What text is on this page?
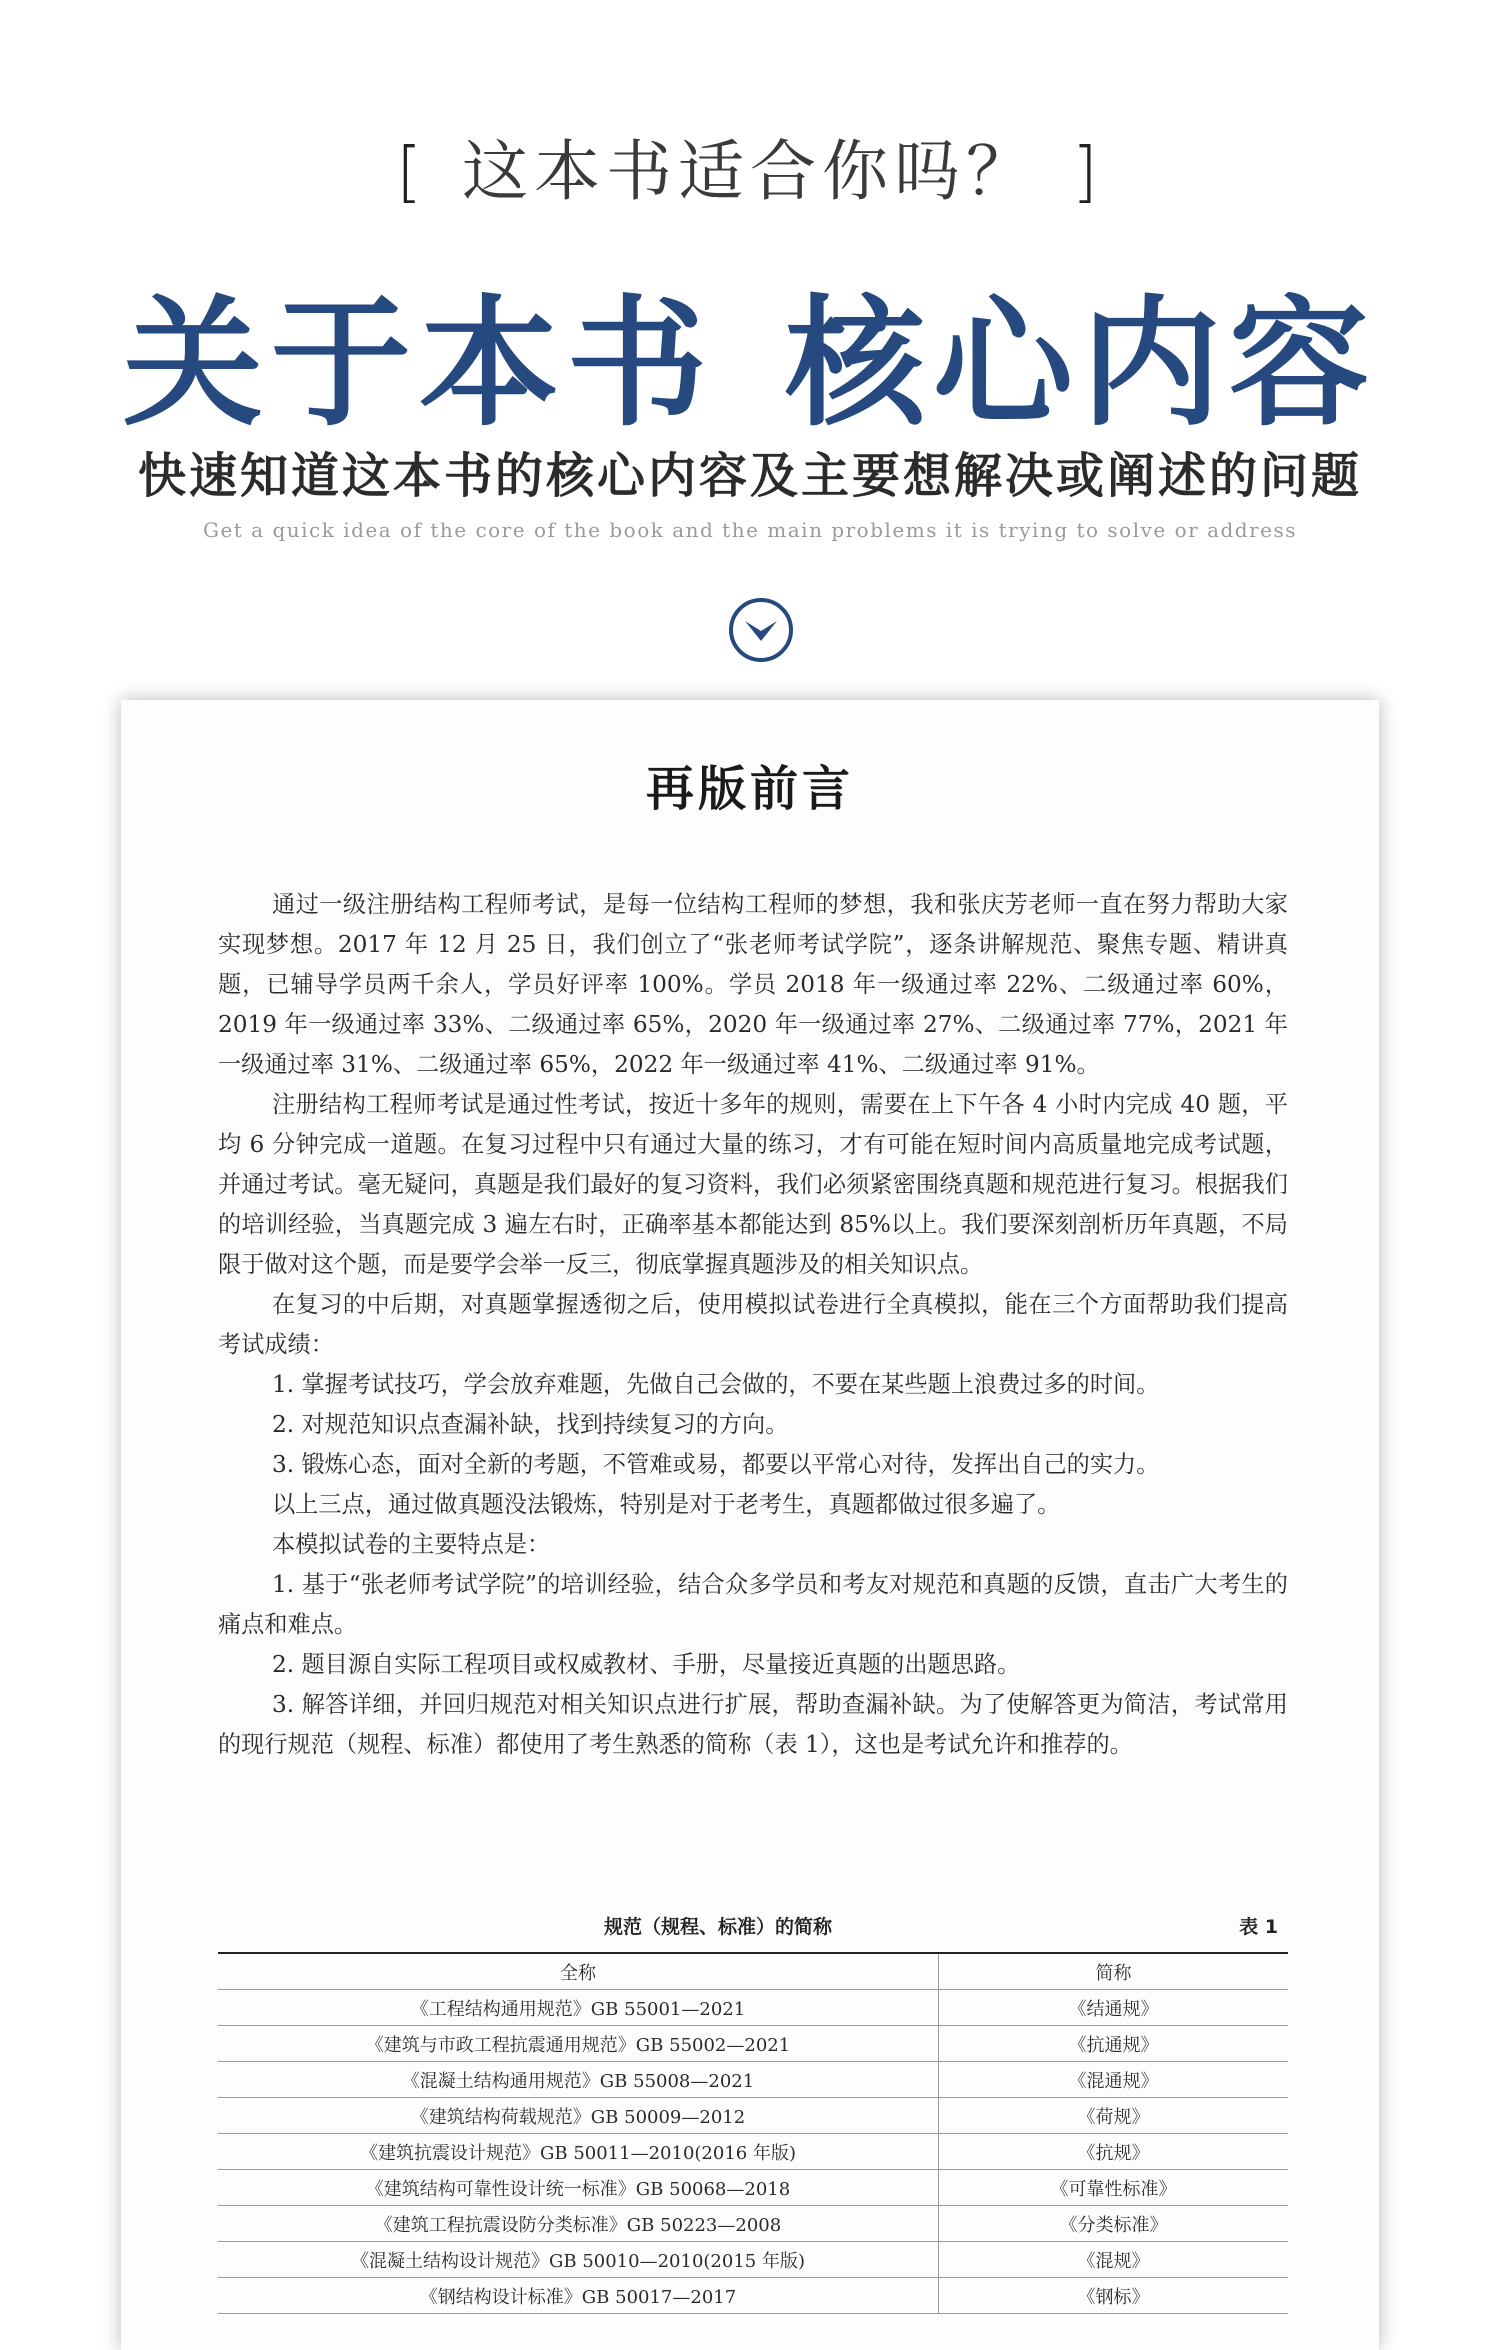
[ 这本书适合你吗？ ]
关于本书 核心内容
快速知道这本书的核心内容及主要想解决或阐述的问题
Get a quick idea of the core of the book and the main problems it is trying to solve or address
再版前言

通过一级注册结构工程师考试，是每一位结构工程师的梦想，我和张庆芳老师一直在努力帮助大家实现梦想。2017 年 12 月 25 日，我们创立了“张老师考试学院”，逐条讲解规范、聚焦专题、精讲真题，已辅导学员两千余人，学员好评率 100%。学员 2018 年一级通过率 22%、二级通过率 60%，2019 年一级通过率 33%、二级通过率 65%，2020 年一级通过率 27%、二级通过率 77%，2021 年一级通过率 31%、二级通过率 65%，2022 年一级通过率 41%、二级通过率 91%。

注册结构工程师考试是通过性考试，按近十多年的规则，需要在上下午各 4 小时内完成 40 题，平均 6 分钟完成一道题。在复习过程中只有通过大量的练习，才有可能在短时间内高质量地完成考试题，并通过考试。毫无疑问，真题是我们最好的复习资料，我们必须紧密围绕真题和规范进行复习。根据我们的培训经验，当真题完成 3 遍左右时，正确率基本都能达到 85%以上。我们要深刻剖析历年真题，不局限于做对这个题，而是要学会举一反三，彻底掌握真题涉及的相关知识点。

在复习的中后期，对真题掌握透彻之后，使用模拟试卷进行全真模拟，能在三个方面帮助我们提高考试成绩：

1. 掌握考试技巧，学会放弃难题，先做自己会做的，不要在某些题上浪费过多的时间。

2. 对规范知识点查漏补缺，找到持续复习的方向。

3. 锻炼心态，面对全新的考题，不管难或易，都要以平常心对待，发挥出自己的实力。

以上三点，通过做真题没法锻炼，特别是对于老考生，真题都做过很多遍了。

本模拟试卷的主要特点是：

1. 基于“张老师考试学院”的培训经验，结合众多学员和考友对规范和真题的反馈，直击广大考生的痛点和难点。

2. 题目源自实际工程项目或权威教材、手册，尽量接近真题的出题思路。

3. 解答详细，并回归规范对相关知识点进行扩展，帮助查漏补缺。为了使解答更为简洁，考试常用的现行规范（规程、标准）都使用了考生熟悉的简称（表 1），这也是考试允许和推荐的。

规范（规程、标准）的简称	表 1
全称	简称
《工程结构通用规范》GB 55001—2021	《结通规》
《建筑与市政工程抗震通用规范》GB 55002—2021	《抗通规》
《混凝土结构通用规范》GB 55008—2021	《混通规》
《建筑结构荷载规范》GB 50009—2012	《荷规》
《建筑抗震设计规范》GB 50011—2010(2016 年版)	《抗规》
《建筑结构可靠性设计统一标准》GB 50068—2018	《可靠性标准》
《建筑工程抗震设防分类标准》GB 50223—2008	《分类标准》
《混凝土结构设计规范》GB 50010—2010(2015 年版)	《混规》
《钢结构设计标准》GB 50017—2017	《钢标》
